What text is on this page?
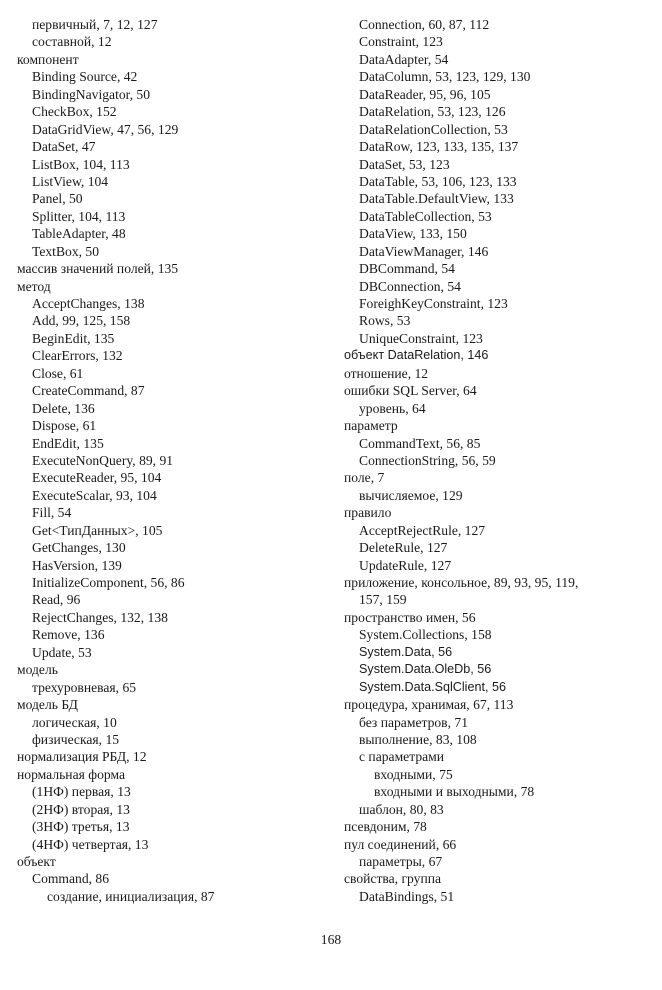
первичный, 7, 12, 127
составной, 12
компонент
Binding Source, 42
BindingNavigator, 50
CheckBox, 152
DataGridView, 47, 56, 129
DataSet, 47
ListBox, 104, 113
ListView, 104
Panel, 50
Splitter, 104, 113
TableAdapter, 48
TextBox, 50
массив значений полей, 135
метод
AcceptChanges, 138
Add, 99, 125, 158
BeginEdit, 135
ClearErrors, 132
Close, 61
CreateCommand, 87
Delete, 136
Dispose, 61
EndEdit, 135
ExecuteNonQuery, 89, 91
ExecuteReader, 95, 104
ExecuteScalar, 93, 104
Fill, 54
Get<ТипДанных>, 105
GetChanges, 130
HasVersion, 139
InitializeComponent, 56, 86
Read, 96
RejectChanges, 132, 138
Remove, 136
Update, 53
модель
трехуровневая, 65
модель БД
логическая, 10
физическая, 15
нормализация РБД, 12
нормальная форма
(1НФ) первая, 13
(2НФ) вторая, 13
(3НФ) третья, 13
(4НФ) четвертая, 13
объект
Command, 86
создание, инициализация, 87
Connection, 60, 87, 112
Constraint, 123
DataAdapter, 54
DataColumn, 53, 123, 129, 130
DataReader, 95, 96, 105
DataRelation, 53, 123, 126
DataRelationCollection, 53
DataRow, 123, 133, 135, 137
DataSet, 53, 123
DataTable, 53, 106, 123, 133
DataTable.DefaultView, 133
DataTableCollection, 53
DataView, 133, 150
DataViewManager, 146
DBCommand, 54
DBConnection, 54
ForeighKeyConstraint, 123
Rows, 53
UniqueConstraint, 123
объект DataRelation, 146
отношение, 12
ошибки SQL Server, 64
уровень, 64
параметр
CommandText, 56, 85
ConnectionString, 56, 59
поле, 7
вычисляемое, 129
правило
AcceptRejectRule, 127
DeleteRule, 127
UpdateRule, 127
приложение, консольное, 89, 93, 95, 119,
157, 159
пространство имен, 56
System.Collections, 158
System.Data, 56
System.Data.OleDb, 56
System.Data.SqlClient, 56
процедура, хранимая, 67, 113
без параметров, 71
выполнение, 83, 108
с параметрами
входными, 75
входными и выходными, 78
шаблон, 80, 83
псевдоним, 78
пул соединений, 66
параметры, 67
свойства, группа
DataBindings, 51
168
